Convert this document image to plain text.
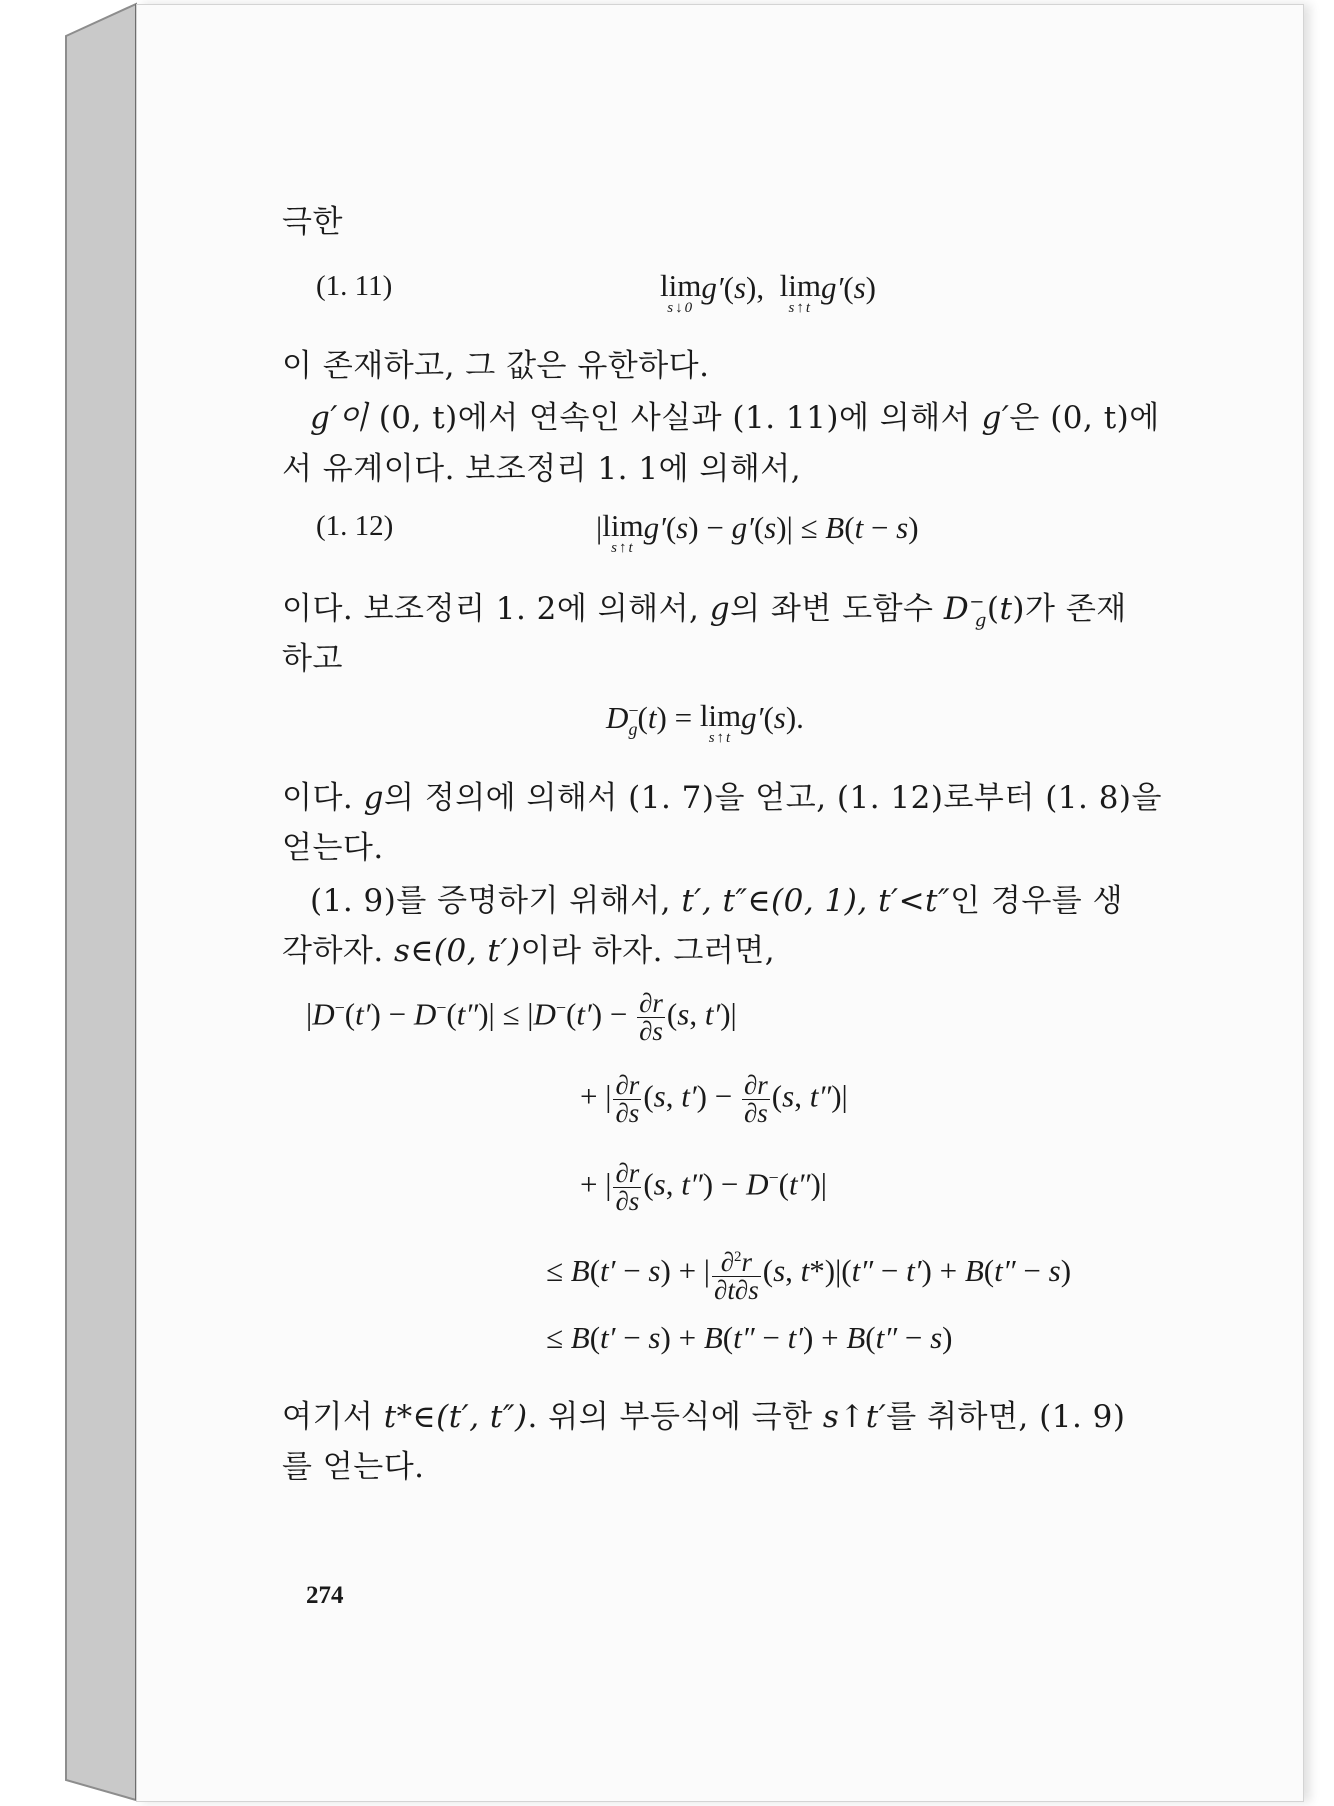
극한
(1. 11)	lim
s↓0
g′(s),  lim
s↑t
g′(s)
이 존재하고, 그 값은 유한하다.
g′이 (0, t)에서 연속인 사실과 (1. 11)에 의해서 g′은 (0, t)에
서 유계이다. 보조정리 1. 1에 의해서,
(1. 12)	|lim
s↑t
g′(s) − g′(s)| ≤ B(t − s)
이다. 보조정리 1. 2에 의해서, g의 좌변 도함수 $D^-_g(t)$가 존재
하고
$D^-_g(t) = \lim$
s↑t
g′(s).
이다. g의 정의에 의해서 (1. 7)을 얻고, (1. 12)로부터 (1. 8)을
얻는다.
(1. 9)를 증명하기 위해서, t′, t″∈(0, 1), t′<t″인 경우를 생
각하자. s∈(0, t′)이라 하자. 그러면,
$|D^-(t') - D^-(t'')| \le |D^-(t') - \frac{\partial r}{\partial s} (s$, t′)|
+ | $\frac{\partial r}{\partial s} (s$, $t') - \frac{\partial r}{\partial s} (s$, t″)|
+ | $\frac{\partial r}{\partial s} (s$, t″) − D−(t″)|
≤ B(t′ − s) + | $\frac{\partial^2r}{\partial t\partial s} (s$, t*)|(t″ − t′) + B(t″ − s)
≤ B(t′ − s) + B(t″ − t′) + B(t″ − s)
여기서 t*∈(t′, t″). 위의 부등식에 극한 s↑t′를 취하면, (1. 9)
를 얻는다.
274
